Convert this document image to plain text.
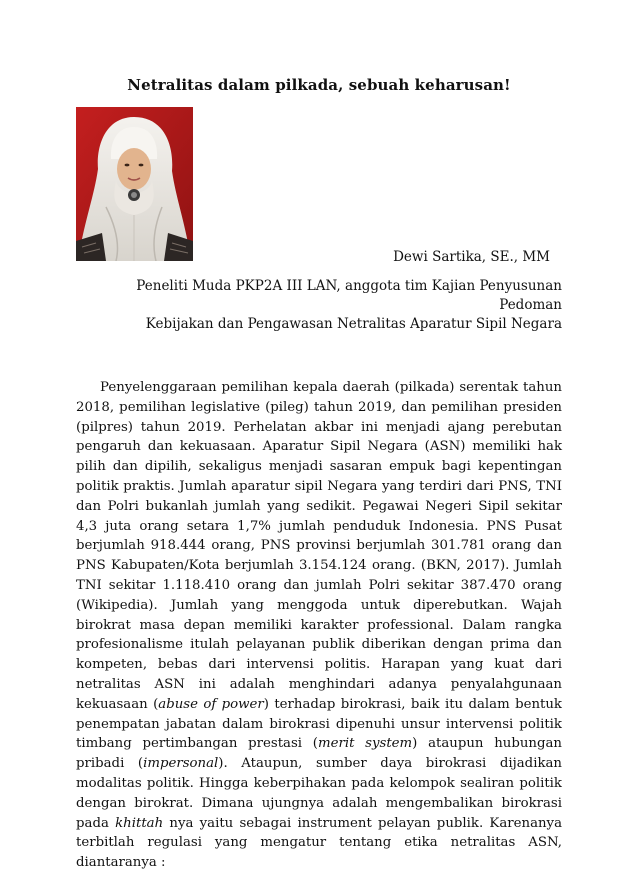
Netralitas dalam pilkada, sebuah keharusan!
Dewi Sartika, SE., MM
Peneliti Muda PKP2A III LAN, anggota tim Kajian Penyusunan Pedoman
Kebijakan dan Pengawasan Netralitas Aparatur Sipil Negara

Penyelenggaraan pemilihan kepala daerah (pilkada) serentak tahun 2018, pemilihan legislative (pileg) tahun 2019, dan pemilihan presiden (pilpres) tahun 2019. Perhelatan akbar ini menjadi ajang perebutan pengaruh dan kekuasaan. Aparatur Sipil Negara (ASN) memiliki hak pilih dan dipilih, sekaligus menjadi sasaran empuk bagi kepentingan politik praktis. Jumlah aparatur sipil Negara yang terdiri dari PNS, TNI dan Polri bukanlah jumlah yang sedikit. Pegawai Negeri Sipil sekitar 4,3 juta orang setara 1,7% jumlah penduduk Indonesia. PNS Pusat berjumlah 918.444 orang, PNS provinsi berjumlah 301.781 orang dan PNS Kabupaten/Kota berjumlah 3.154.124 orang. (BKN, 2017). Jumlah TNI sekitar 1.118.410 orang dan jumlah Polri sekitar 387.470 orang (Wikipedia). Jumlah yang menggoda untuk diperebutkan. Wajah birokrat masa depan memiliki karakter professional. Dalam rangka profesionalisme itulah pelayanan publik diberikan dengan prima dan kompeten, bebas dari intervensi politis. Harapan yang kuat dari netralitas ASN ini adalah menghindari adanya penyalahgunaan kekuasaan (abuse of power) terhadap birokrasi, baik itu dalam bentuk penempatan jabatan dalam birokrasi dipenuhi unsur intervensi politik timbang pertimbangan prestasi (merit system) ataupun hubungan pribadi (impersonal). Ataupun, sumber daya birokrasi dijadikan modalitas politik. Hingga keberpihakan pada kelompok sealiran politik dengan birokrat. Dimana ujungnya adalah mengembalikan birokrasi pada khittah nya yaitu sebagai instrument pelayan publik. Karenanya terbitlah regulasi yang mengatur tentang etika netralitas ASN, diantaranya :
